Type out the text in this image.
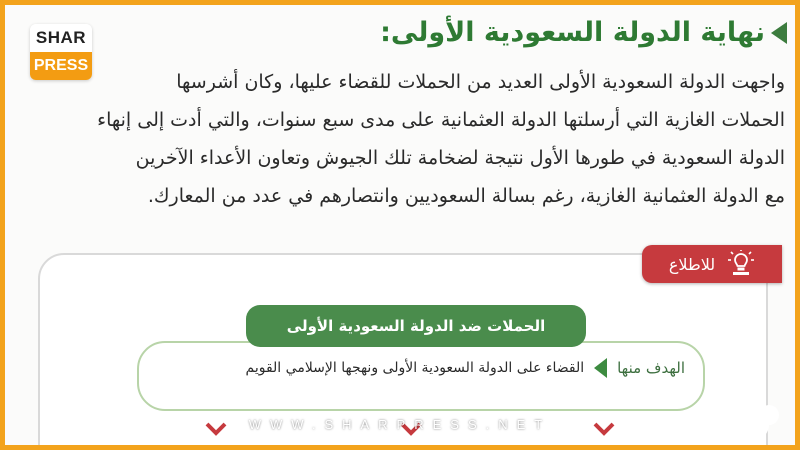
نهاية الدولة السعودية الأولى:
واجهت الدولة السعودية الأولى العديد من الحملات للقضاء عليها، وكان أشرسها
الحملات الغازية التي أرسلتها الدولة العثمانية على مدى سبع سنوات، والتي أدت إلى إنهاء
الدولة السعودية في طورها الأول نتيجة لضخامة تلك الجيوش وتعاون الأعداء الآخرين
مع الدولة العثمانية الغازية، رغم بسالة السعوديين وانتصارهم في عدد من المعارك.
للاطلاع
الحملات ضد الدولة السعودية الأولى
الهدف منها
القضاء على الدولة السعودية الأولى ونهجها الإسلامي القويم
WWW.SHARPRESS.NET
SHAR
PRESS
